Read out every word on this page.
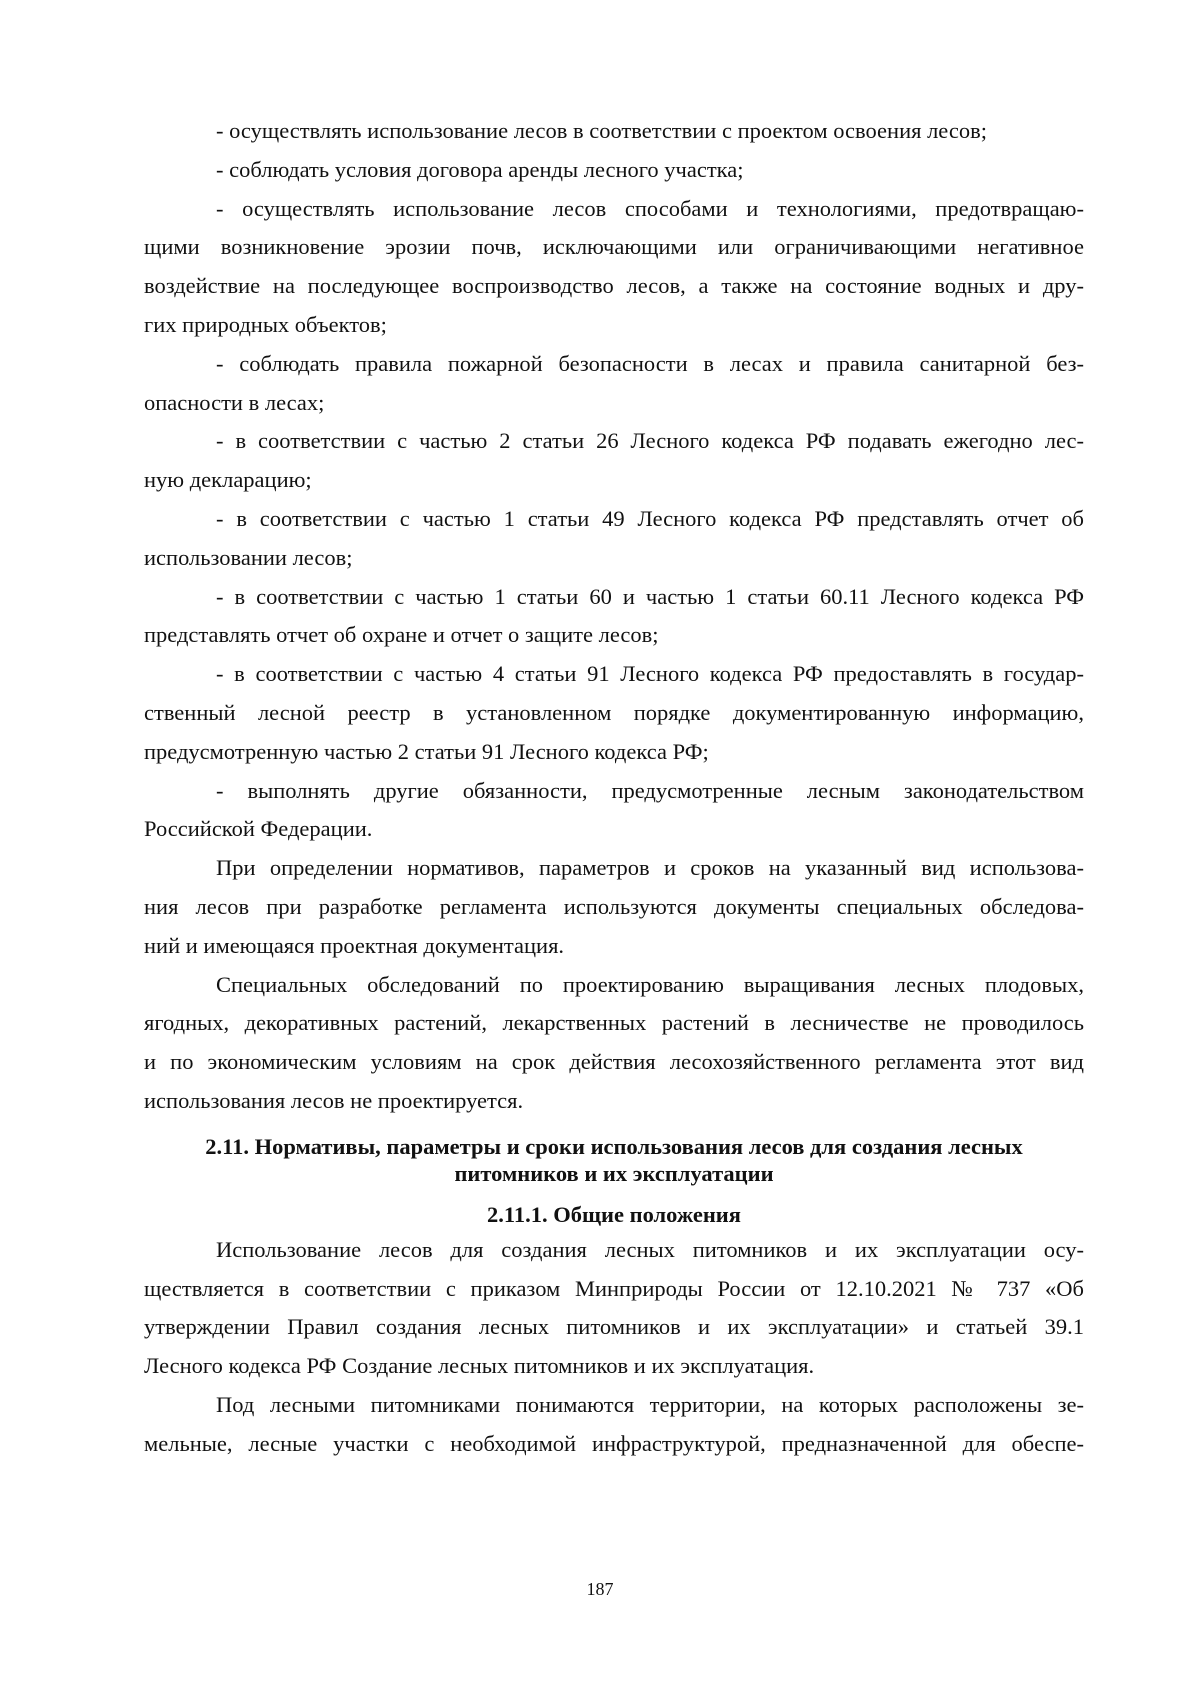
- осуществлять использование лесов в соответствии с проектом освоения лесов;

- соблюдать условия договора аренды лесного участка;

- осуществлять использование лесов способами и технологиями, предотвращаю-

щими возникновение эрозии почв, исключающими или ограничивающими негативное

воздействие на последующее воспроизводство лесов, а также на состояние водных и дру-

гих природных объектов;

- соблюдать правила пожарной безопасности в лесах и правила санитарной без-

опасности в лесах;

- в соответствии с частью 2 статьи 26 Лесного кодекса РФ подавать ежегодно лес-

ную декларацию;

- в соответствии с частью 1 статьи 49 Лесного кодекса РФ представлять отчет об

использовании лесов;

- в соответствии с частью 1 статьи 60 и частью 1 статьи 60.11 Лесного кодекса РФ

представлять отчет об охране и отчет о защите лесов;

- в соответствии с частью 4 статьи 91 Лесного кодекса РФ предоставлять в государ-

ственный лесной реестр в установленном порядке документированную информацию,

предусмотренную частью 2 статьи 91 Лесного кодекса РФ;

- выполнять другие обязанности, предусмотренные лесным законодательством

Российской Федерации.

При определении нормативов, параметров и сроков на указанный вид использова-

ния лесов при разработке регламента используются документы специальных обследова-

ний и имеющаяся проектная документация.

Специальных обследований по проектированию выращивания лесных плодовых,

ягодных, декоративных растений, лекарственных растений в лесничестве не проводилось

и по экономическим условиям на срок действия лесохозяйственного регламента этот вид

использования лесов не проектируется.

2.11. Нормативы, параметры и сроки использования лесов для создания лесных
питомников и их эксплуатации
2.11.1. Общие положения

Использование лесов для создания лесных питомников и их эксплуатации осу-

ществляется в соответствии с приказом Минприроды России от 12.10.2021 № 737 «Об

утверждении Правил создания лесных питомников и их эксплуатации» и статьей 39.1

Лесного кодекса РФ Создание лесных питомников и их эксплуатация.

Под лесными питомниками понимаются территории, на которых расположены зе-

мельные, лесные участки с необходимой инфраструктурой, предназначенной для обеспе-

187
